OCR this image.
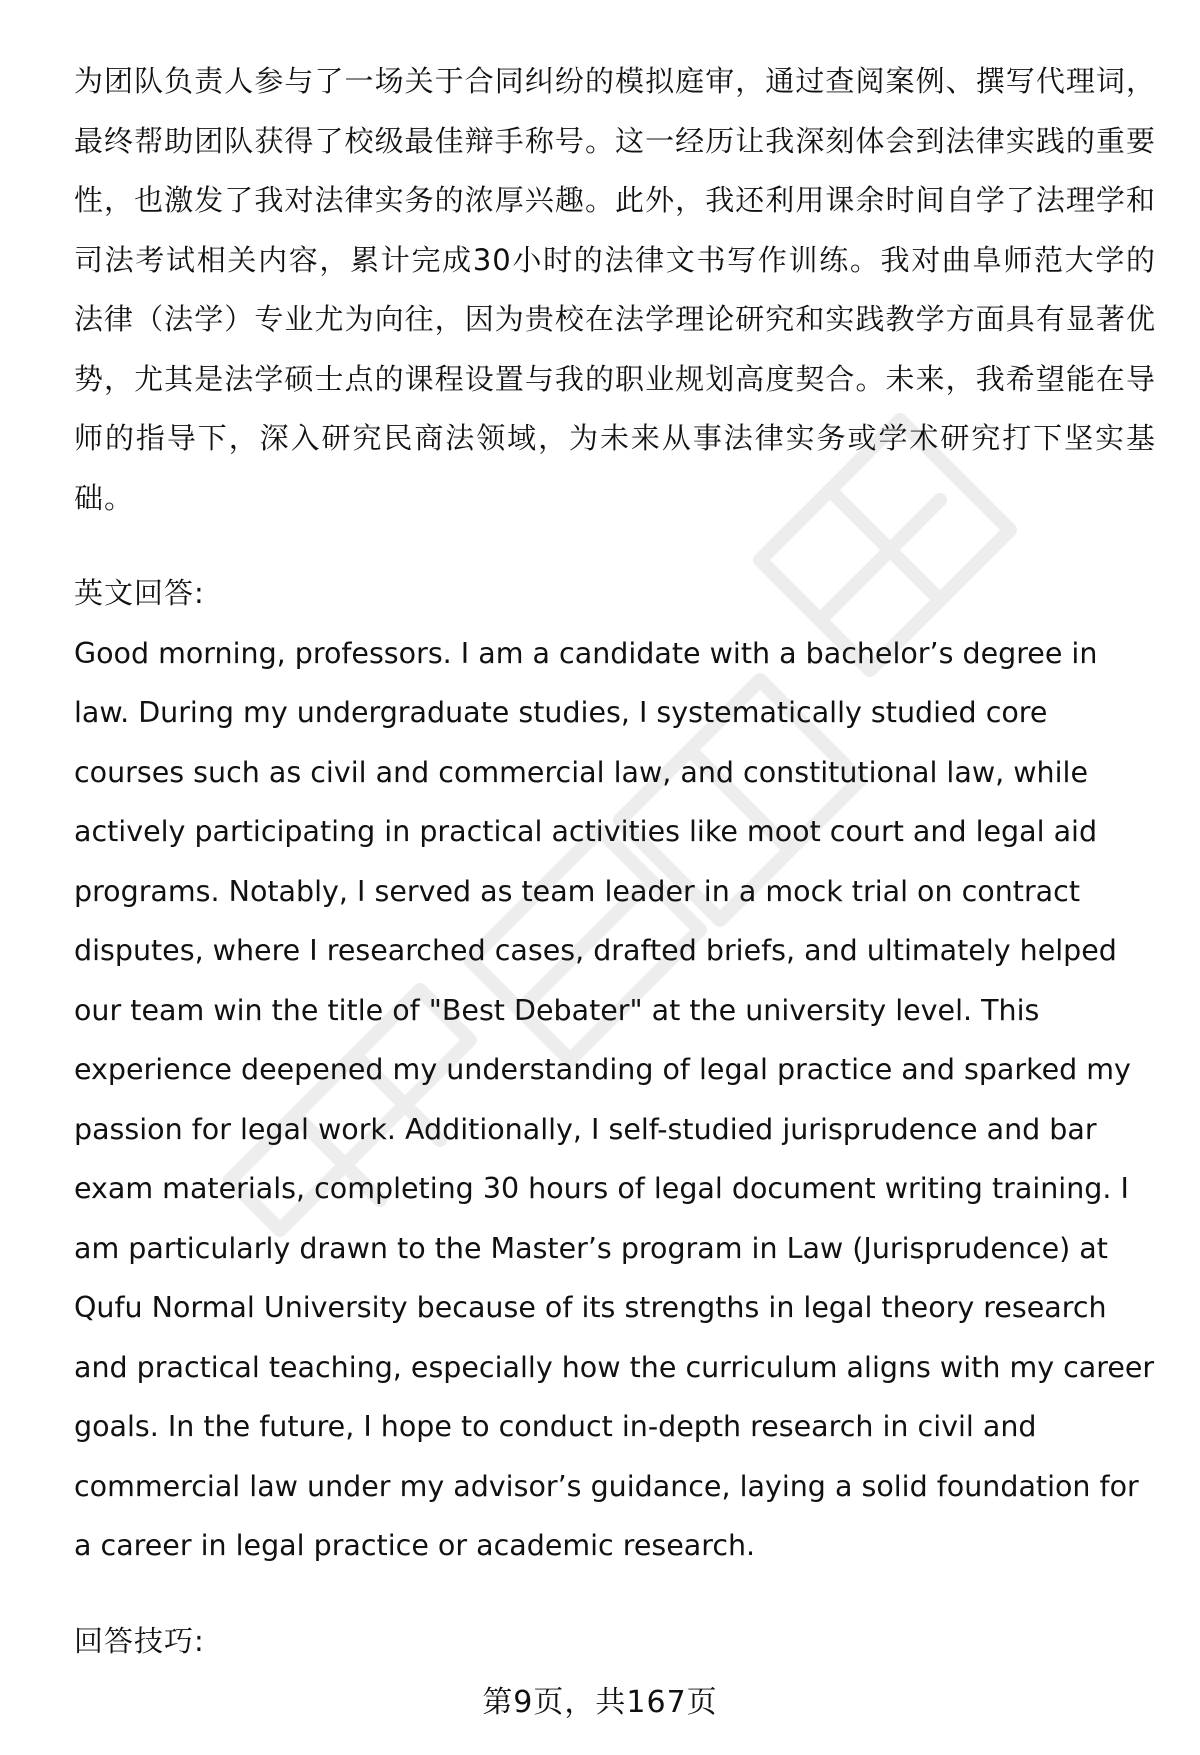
为团队负责人参与了一场关于合同纠纷的模拟庭审，通过查阅案例、撰写代理词，最终帮助团队获得了校级最佳辩手称号。这一经历让我深刻体会到法律实践的重要性，也激发了我对法律实务的浓厚兴趣。此外，我还利用课余时间自学了法理学和司法考试相关内容，累计完成30小时的法律文书写作训练。我对曲阜师范大学的法律（法学）专业尤为向往，因为贵校在法学理论研究和实践教学方面具有显著优势，尤其是法学硕士点的课程设置与我的职业规划高度契合。未来，我希望能在导师的指导下，深入研究民商法领域，为未来从事法律实务或学术研究打下坚实基础。

英文回答:

Good morning, professors. I am a candidate with a bachelor’s degree in law. During my undergraduate studies, I systematically studied core courses such as civil and commercial law, and constitutional law, while actively participating in practical activities like moot court and legal aid programs. Notably, I served as team leader in a mock trial on contract disputes, where I researched cases, drafted briefs, and ultimately helped our team win the title of "Best Debater" at the university level. This experience deepened my understanding of legal practice and sparked my passion for legal work. Additionally, I self-studied jurisprudence and bar exam materials, completing 30 hours of legal document writing training. I am particularly drawn to the Master’s program in Law (Jurisprudence) at Qufu Normal University because of its strengths in legal theory research and practical teaching, especially how the curriculum aligns with my career goals. In the future, I hope to conduct in-depth research in civil and commercial law under my advisor’s guidance, laying a solid foundation for a career in legal practice or academic research.

回答技巧:

第9页，共167页
